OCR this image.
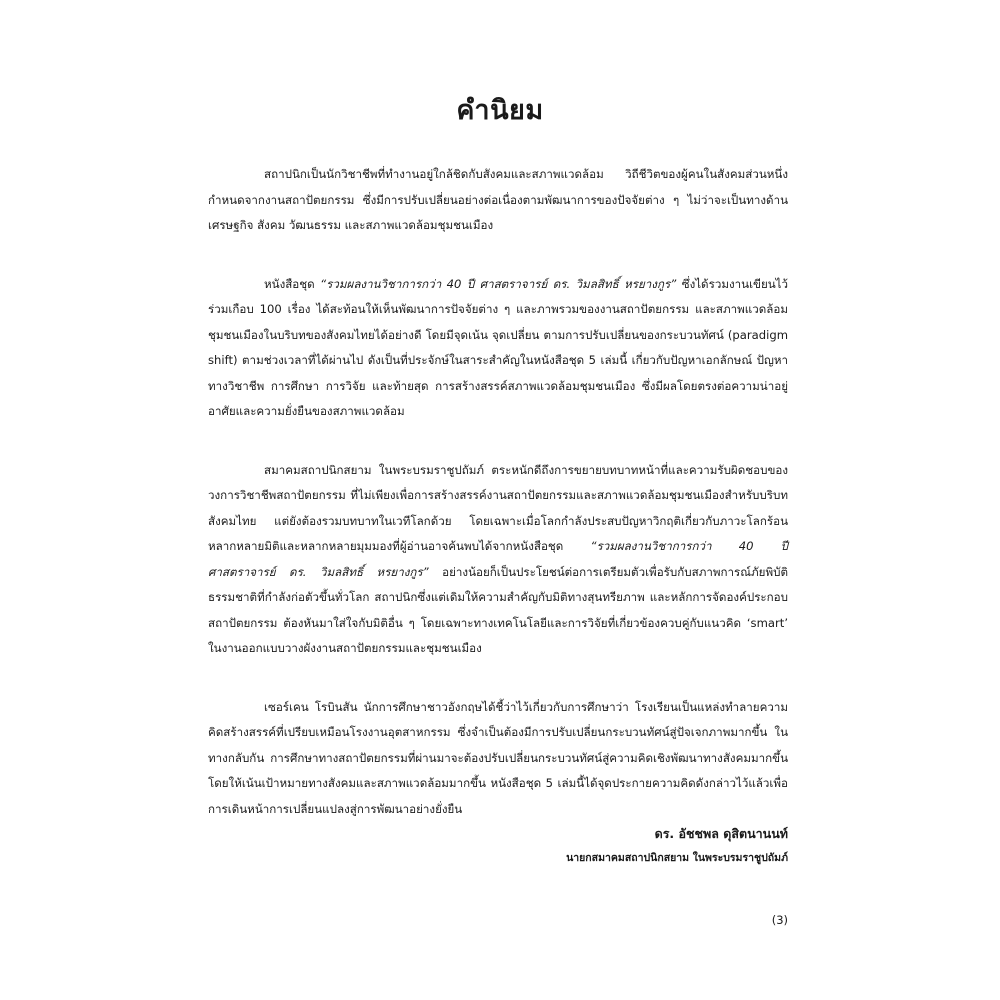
คำนิยม

สถาปนิกเป็นนักวิชาชีพที่ทำงานอยู่ใกล้ชิดกับสังคมและสภาพแวดล้อม วิถีชีวิตของผู้คนในสังคมส่วนหนึ่งกำหนดจากงานสถาปัตยกรรม ซึ่งมีการปรับเปลี่ยนอย่างต่อเนื่องตามพัฒนาการของปัจจัยต่าง ๆ ไม่ว่าจะเป็นทางด้านเศรษฐกิจ สังคม วัฒนธรรม และสภาพแวดล้อมชุมชนเมือง

หนังสือชุด “รวมผลงานวิชาการกว่า 40 ปี ศาสตราจารย์ ดร. วิมลสิทธิ์ หรยางกูร” ซึ่งได้รวมงานเขียนไว้ร่วมเกือบ 100 เรื่อง ได้สะท้อนให้เห็นพัฒนาการปัจจัยต่าง ๆ และภาพรวมของงานสถาปัตยกรรม และสภาพแวดล้อมชุมชนเมืองในบริบทของสังคมไทยได้อย่างดี โดยมีจุดเน้น จุดเปลี่ยน ตามการปรับเปลี่ยนของกระบวนทัศน์ (paradigm shift) ตามช่วงเวลาที่ได้ผ่านไป ดังเป็นที่ประจักษ์ในสาระสำคัญในหนังสือชุด 5 เล่มนี้ เกี่ยวกับปัญหาเอกลักษณ์ ปัญหาทางวิชาชีพ การศึกษา การวิจัย และท้ายสุด การสร้างสรรค์สภาพแวดล้อมชุมชนเมือง ซึ่งมีผลโดยตรงต่อความน่าอยู่อาศัยและความยั่งยืนของสภาพแวดล้อม

สมาคมสถาปนิกสยาม ในพระบรมราชูปถัมภ์ ตระหนักดีถึงการขยายบทบาทหน้าที่และความรับผิดชอบของวงการวิชาชีพสถาปัตยกรรม ที่ไม่เพียงเพื่อการสร้างสรรค์งานสถาปัตยกรรมและสภาพแวดล้อมชุมชนเมืองสำหรับบริบทสังคมไทย แต่ยังต้องรวมบทบาทในเวทีโลกด้วย โดยเฉพาะเมื่อโลกกำลังประสบปัญหาวิกฤติเกี่ยวกับภาวะโลกร้อน หลากหลายมิติและหลากหลายมุมมองที่ผู้อ่านอาจค้นพบได้จากหนังสือชุด “รวมผลงานวิชาการกว่า 40 ปี ศาสตราจารย์ ดร. วิมลสิทธิ์ หรยางกูร” อย่างน้อยก็เป็นประโยชน์ต่อการเตรียมตัวเพื่อรับกับสภาพการณ์ภัยพิบัติธรรมชาติที่กำลังก่อตัวขึ้นทั่วโลก สถาปนิกซึ่งแต่เดิมให้ความสำคัญกับมิติทางสุนทรียภาพ และหลักการจัดองค์ประกอบสถาปัตยกรรม ต้องหันมาใส่ใจกับมิติอื่น ๆ โดยเฉพาะทางเทคโนโลยีและการวิจัยที่เกี่ยวข้องควบคู่กับแนวคิด ‘smart’ ในงานออกแบบวางผังงานสถาปัตยกรรมและชุมชนเมือง

เซอร์เคน โรบินสัน นักการศึกษาชาวอังกฤษได้ชี้ว่าไว้เกี่ยวกับการศึกษาว่า โรงเรียนเป็นแหล่งทำลายความคิดสร้างสรรค์ที่เปรียบเหมือนโรงงานอุตสาหกรรม ซึ่งจำเป็นต้องมีการปรับเปลี่ยนกระบวนทัศน์สู่ปัจเจกภาพมากขึ้น ในทางกลับกัน การศึกษาทางสถาปัตยกรรมที่ผ่านมาจะต้องปรับเปลี่ยนกระบวนทัศน์สู่ความคิดเชิงพัฒนาทางสังคมมากขึ้น โดยให้เน้นเป้าหมายทางสังคมและสภาพแวดล้อมมากขึ้น หนังสือชุด 5 เล่มนี้ได้จุดประกายความคิดดังกล่าวไว้แล้วเพื่อการเดินหน้าการเปลี่ยนแปลงสู่การพัฒนาอย่างยั่งยืน

ดร. อัชชพล ดุสิตนานนท์
นายกสมาคมสถาปนิกสยาม ในพระบรมราชูปถัมภ์
(3)
